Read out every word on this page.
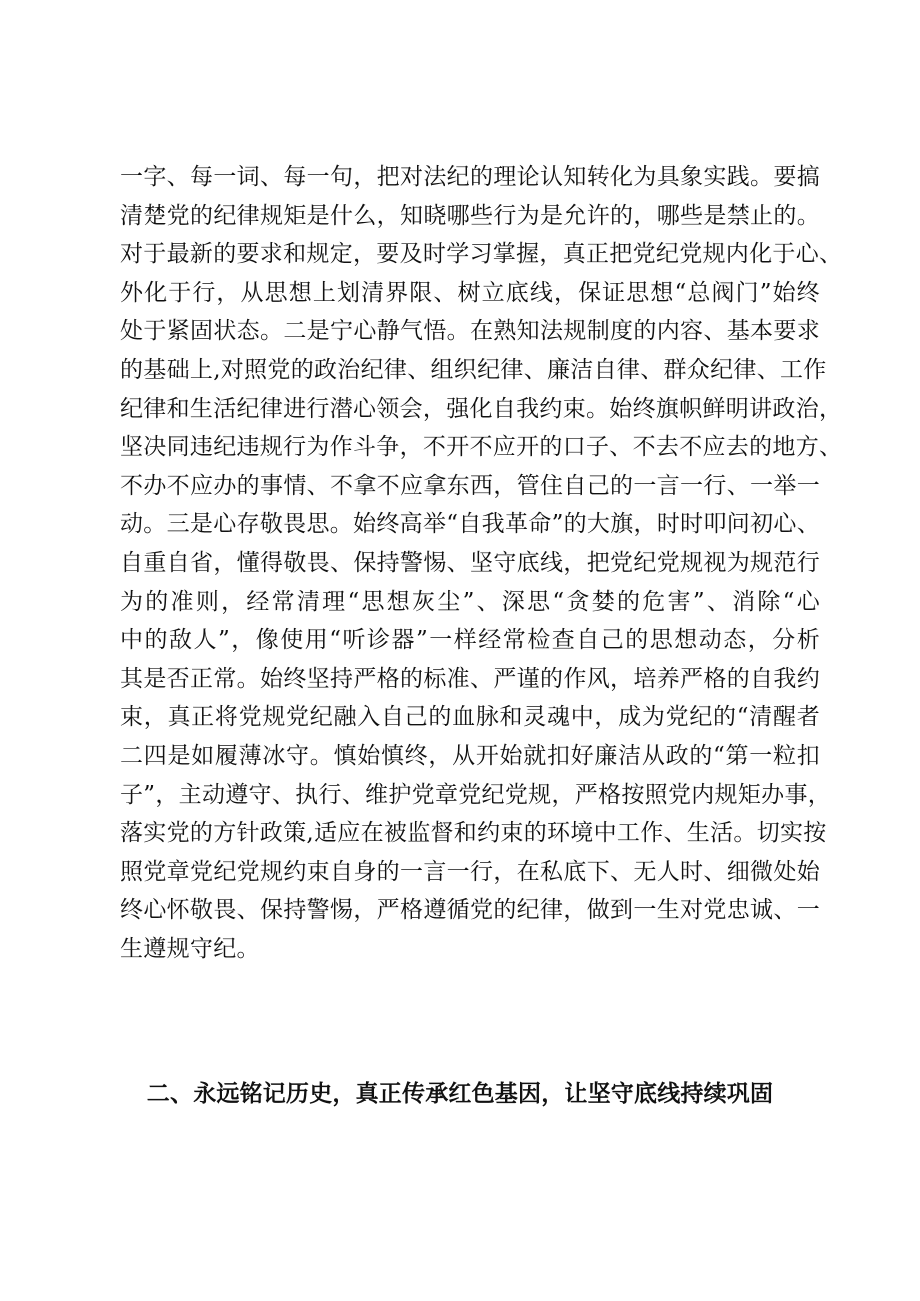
一字、每一词、每一句，把对法纪的理论认知转化为具象实践。要搞
清楚党的纪律规矩是什么，知晓哪些行为是允许的，哪些是禁止的。
对于最新的要求和规定，要及时学习掌握，真正把党纪党规内化于心、
外化于行，从思想上划清界限、树立底线，保证思想“总阀门”始终
处于紧固状态。二是宁心静气悟。在熟知法规制度的内容、基本要求
的基础上,对照党的政治纪律、组织纪律、廉洁自律、群众纪律、工作
纪律和生活纪律进行潜心领会，强化自我约束。始终旗帜鲜明讲政治，
坚决同违纪违规行为作斗争，不开不应开的口子、不去不应去的地方、
不办不应办的事情、不拿不应拿东西，管住自己的一言一行、一举一
动。三是心存敬畏思。始终高举“自我革命”的大旗，时时叩问初心、
自重自省，懂得敬畏、保持警惕、坚守底线，把党纪党规视为规范行
为的准则，经常清理“思想灰尘”、深思“贪婪的危害”、消除“心
中的敌人”，像使用“听诊器”一样经常检查自己的思想动态，分析
其是否正常。始终坚持严格的标准、严谨的作风，培养严格的自我约
束，真正将党规党纪融入自己的血脉和灵魂中，成为党纪的“清醒者
二四是如履薄冰守。慎始慎终，从开始就扣好廉洁从政的“第一粒扣
子”，主动遵守、执行、维护党章党纪党规，严格按照党内规矩办事，
落实党的方针政策,适应在被监督和约束的环境中工作、生活。切实按
照党章党纪党规约束自身的一言一行，在私底下、无人时、细微处始
终心怀敬畏、保持警惕，严格遵循党的纪律，做到一生对党忠诚、一
生遵规守纪。
二、永远铭记历史，真正传承红色基因，让坚守底线持续巩固
